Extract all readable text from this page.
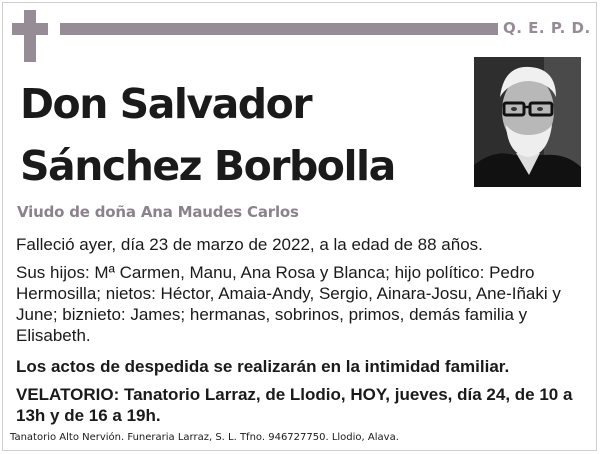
Q. E. P. D.
Don Salvador
Sánchez Borbolla
Viudo de doña Ana Maudes Carlos
Falleció ayer, día 23 de marzo de 2022, a la edad de 88 años.
Sus hijos: Mª Carmen, Manu, Ana Rosa y Blanca; hijo político: Pedro Hermosilla; nietos: Héctor, Amaia-Andy, Sergio, Ainara-Josu, Ane-Iñaki y June; biznieto: James; hermanas, sobrinos, primos, demás familia y Elisabeth.
Los actos de despedida se realizarán en la intimidad familiar.
VELATORIO: Tanatorio Larraz, de Llodio, HOY, jueves, día 24, de 10 a 13h y de 16 a 19h.
Tanatorio Alto Nervión. Funeraria Larraz, S. L. Tfno. 946727750. Llodio, Alava.
